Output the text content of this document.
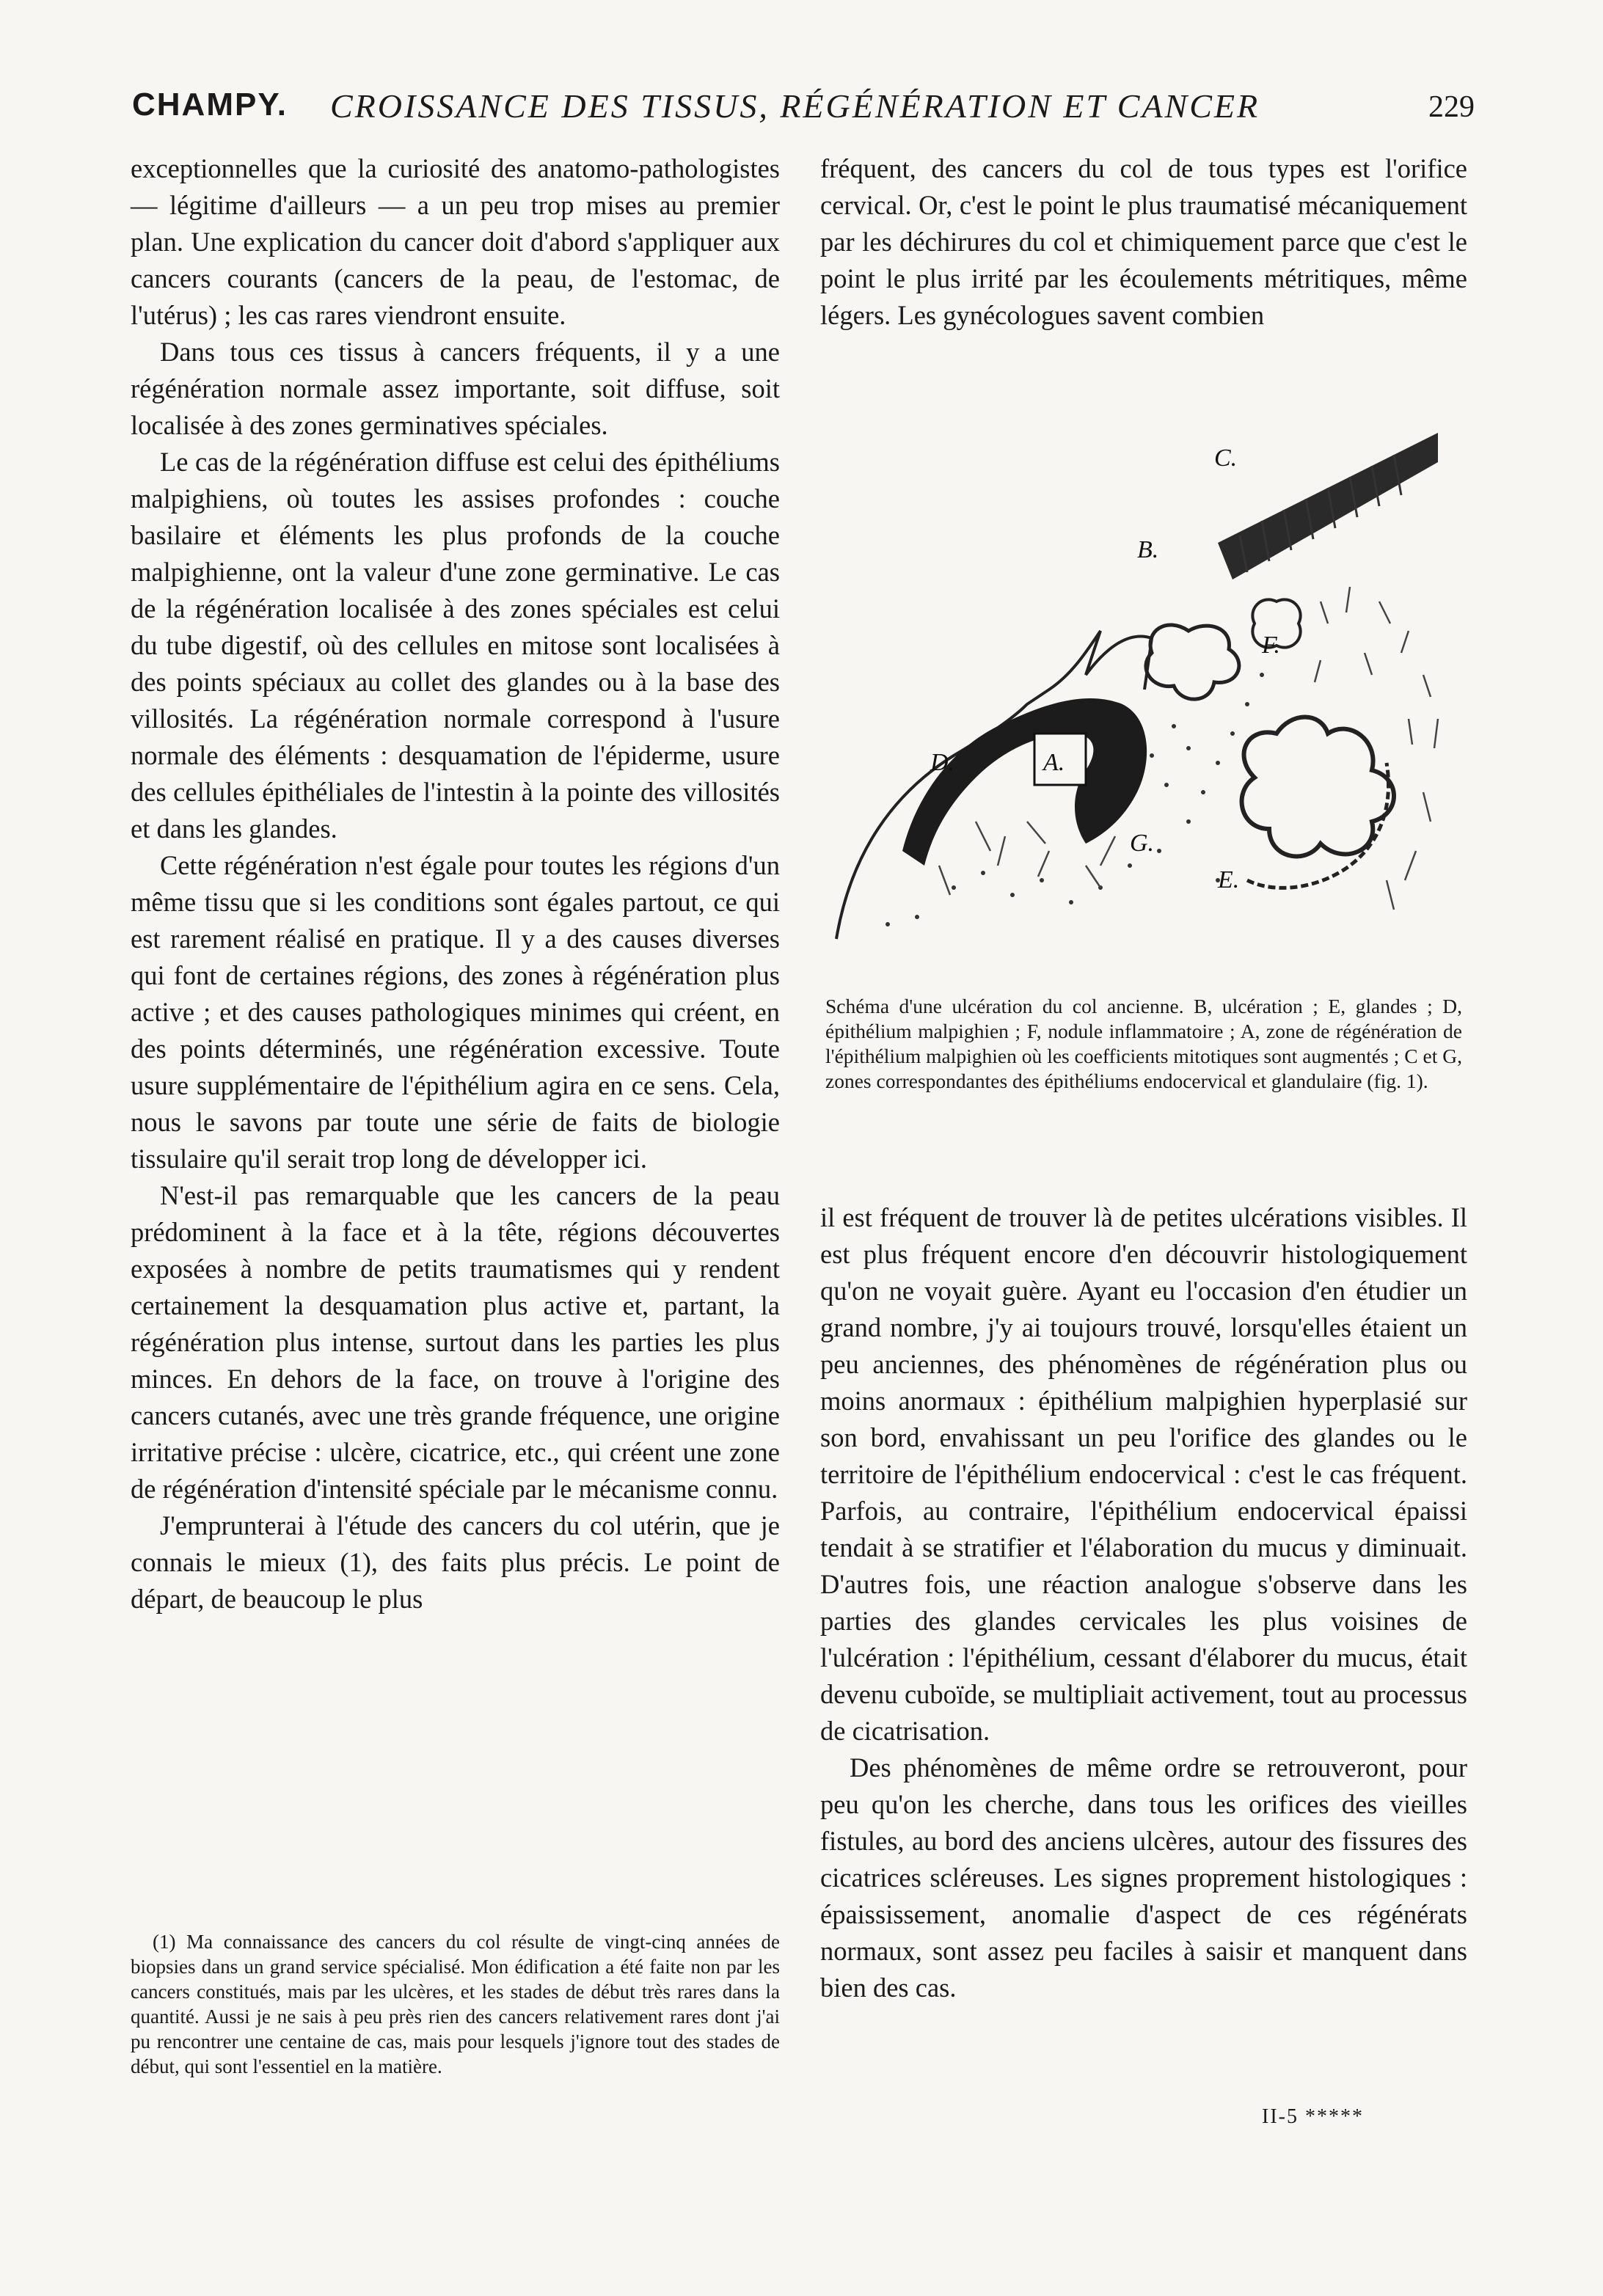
CHAMPY. CROISSANCE DES TISSUS, RÉGÉNÉRATION ET CANCER	229

exceptionnelles que la curiosité des anatomo-pathologistes — légitime d'ailleurs — a un peu trop mises au premier plan. Une explication du cancer doit d'abord s'appliquer aux cancers courants (cancers de la peau, de l'estomac, de l'utérus) ; les cas rares viendront ensuite.

Dans tous ces tissus à cancers fréquents, il y a une régénération normale assez importante, soit diffuse, soit localisée à des zones germinatives spéciales.

Le cas de la régénération diffuse est celui des épithéliums malpighiens, où toutes les assises profondes : couche basilaire et éléments les plus profonds de la couche malpighienne, ont la valeur d'une zone germinative. Le cas de la régénération localisée à des zones spéciales est celui du tube digestif, où des cellules en mitose sont localisées à des points spéciaux au collet des glandes ou à la base des villosités. La régénération normale correspond à l'usure normale des éléments : desquamation de l'épiderme, usure des cellules épithéliales de l'intestin à la pointe des villosités et dans les glandes.

Cette régénération n'est égale pour toutes les régions d'un même tissu que si les conditions sont égales partout, ce qui est rarement réalisé en pratique. Il y a des causes diverses qui font de certaines régions, des zones à régénération plus active ; et des causes pathologiques minimes qui créent, en des points déterminés, une régénération excessive. Toute usure supplémentaire de l'épithélium agira en ce sens. Cela, nous le savons par toute une série de faits de biologie tissulaire qu'il serait trop long de développer ici.

N'est-il pas remarquable que les cancers de la peau prédominent à la face et à la tête, régions découvertes exposées à nombre de petits traumatismes qui y rendent certainement la desquamation plus active et, partant, la régénération plus intense, surtout dans les parties les plus minces. En dehors de la face, on trouve à l'origine des cancers cutanés, avec une très grande fréquence, une origine irritative précise : ulcère, cicatrice, etc., qui créent une zone de régénération d'intensité spéciale par le mécanisme connu.

J'emprunterai à l'étude des cancers du col utérin, que je connais le mieux (1), des faits plus précis. Le point de départ, de beaucoup le plus

(1) Ma connaissance des cancers du col résulte de vingt-cinq années de biopsies dans un grand service spécialisé. Mon édification a été faite non par les cancers constitués, mais par les ulcères, et les stades de début très rares dans la quantité. Aussi je ne sais à peu près rien des cancers relativement rares dont j'ai pu rencontrer une centaine de cas, mais pour lesquels j'ignore tout des stades de début, qui sont l'essentiel en la matière.

fréquent, des cancers du col de tous types est l'orifice cervical. Or, c'est le point le plus traumatisé mécaniquement par les déchirures du col et chimiquement parce que c'est le point le plus irrité par les écoulements métritiques, même légers. Les gynécologues savent combien

C.
B.
A.
D.
F.
G.
E.

Schéma d'une ulcération du col ancienne. B, ulcération ; E, glandes ; D, épithélium malpighien ; F, nodule inflammatoire ; A, zone de régénération de l'épithélium malpighien où les coefficients mitotiques sont augmentés ; C et G, zones correspondantes des épithéliums endocervical et glandulaire (fig. 1).

il est fréquent de trouver là de petites ulcérations visibles. Il est plus fréquent encore d'en découvrir histologiquement qu'on ne voyait guère. Ayant eu l'occasion d'en étudier un grand nombre, j'y ai toujours trouvé, lorsqu'elles étaient un peu anciennes, des phénomènes de régénération plus ou moins anormaux : épithélium malpighien hyperplasié sur son bord, envahissant un peu l'orifice des glandes ou le territoire de l'épithélium endocervical : c'est le cas fréquent. Parfois, au contraire, l'épithélium endocervical épaissi tendait à se stratifier et l'élaboration du mucus y diminuait. D'autres fois, une réaction analogue s'observe dans les parties des glandes cervicales les plus voisines de l'ulcération : l'épithélium, cessant d'élaborer du mucus, était devenu cuboïde, se multipliait activement, tout au processus de cicatrisation.

Des phénomènes de même ordre se retrouveront, pour peu qu'on les cherche, dans tous les orifices des vieilles fistules, au bord des anciens ulcères, autour des fissures des cicatrices scléreuses. Les signes proprement histologiques : épaississement, anomalie d'aspect de ces régénérats normaux, sont assez peu faciles à saisir et manquent dans bien des cas.

II-5 *****
